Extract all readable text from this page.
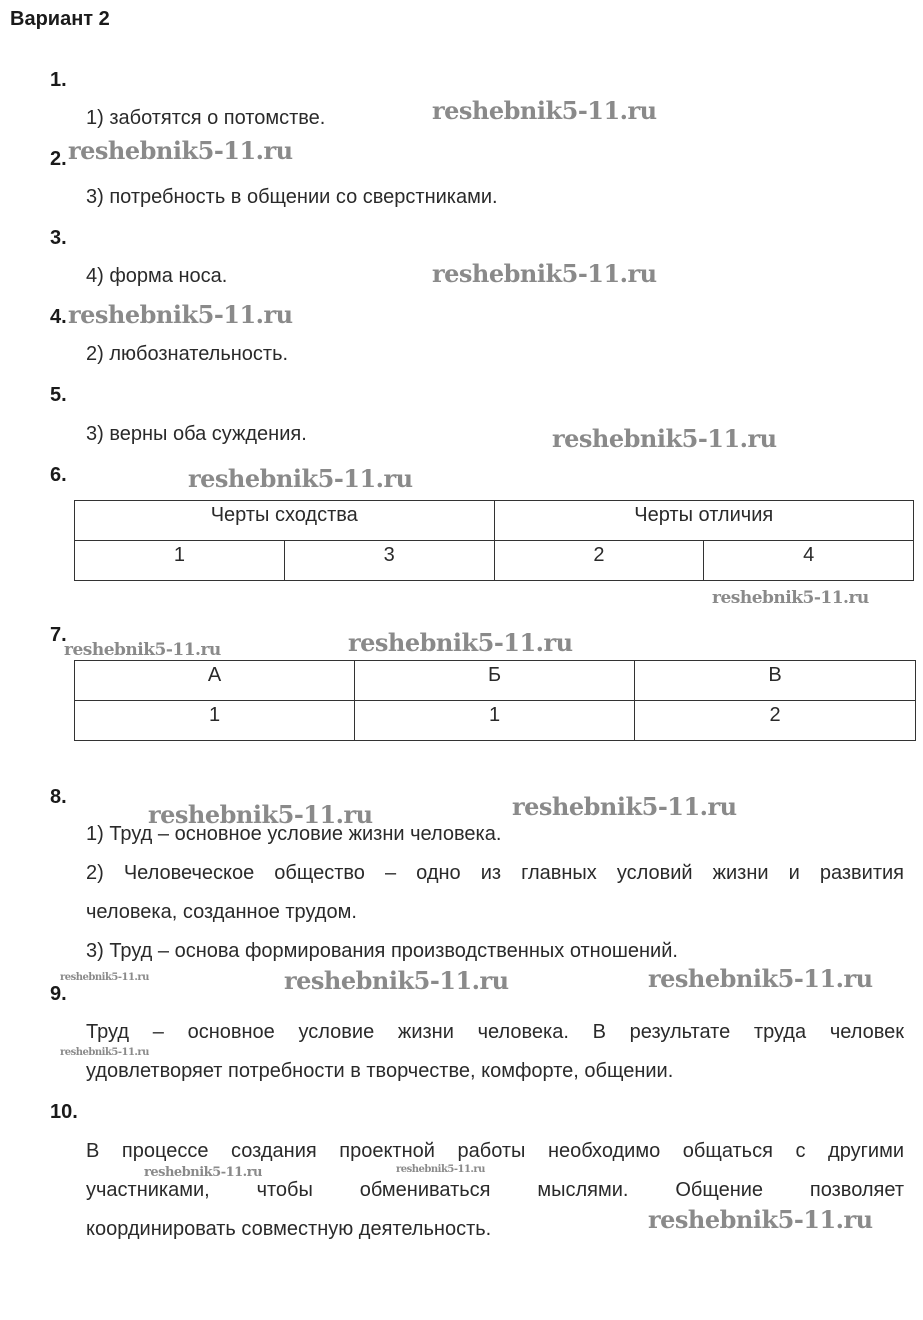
Вариант 2
1.
1) заботятся о потомстве.
2.
3) потребность в общении со сверстниками.
3.
4) форма носа.
4.
2) любознательность.
5.
3) верны оба суждения.
6.
Черты сходства		Черты отличия	
1	3	2	4
7.
А	Б	В
1	1	2
8.
1) Труд – основное условие жизни человека.
2) Человеческое общество – одно из главных условий жизни и развития
человека, созданное трудом.
3) Труд – основа формирования производственных отношений.
9.
Труд – основное условие жизни человека. В результате труда человек
удовлетворяет потребности в творчестве, комфорте, общении.
10.
В процессе создания проектной работы необходимо общаться с другими
участниками, чтобы обмениваться мыслями. Общение позволяет
координировать совместную деятельность.
reshebnik5-11.ru
reshebnik5-11.ru
reshebnik5-11.ru
reshebnik5-11.ru
reshebnik5-11.ru
reshebnik5-11.ru
reshebnik5-11.ru
reshebnik5-11.ru	reshebnik5-11.ru
reshebnik5-11.ru	reshebnik5-11.ru
reshebnik5-11.ru	reshebnik5-11.ru	reshebnik5-11.ru
reshebnik5-11.ru
reshebnik5-11.ru	reshebnik5-11.ru
reshebnik5-11.ru
